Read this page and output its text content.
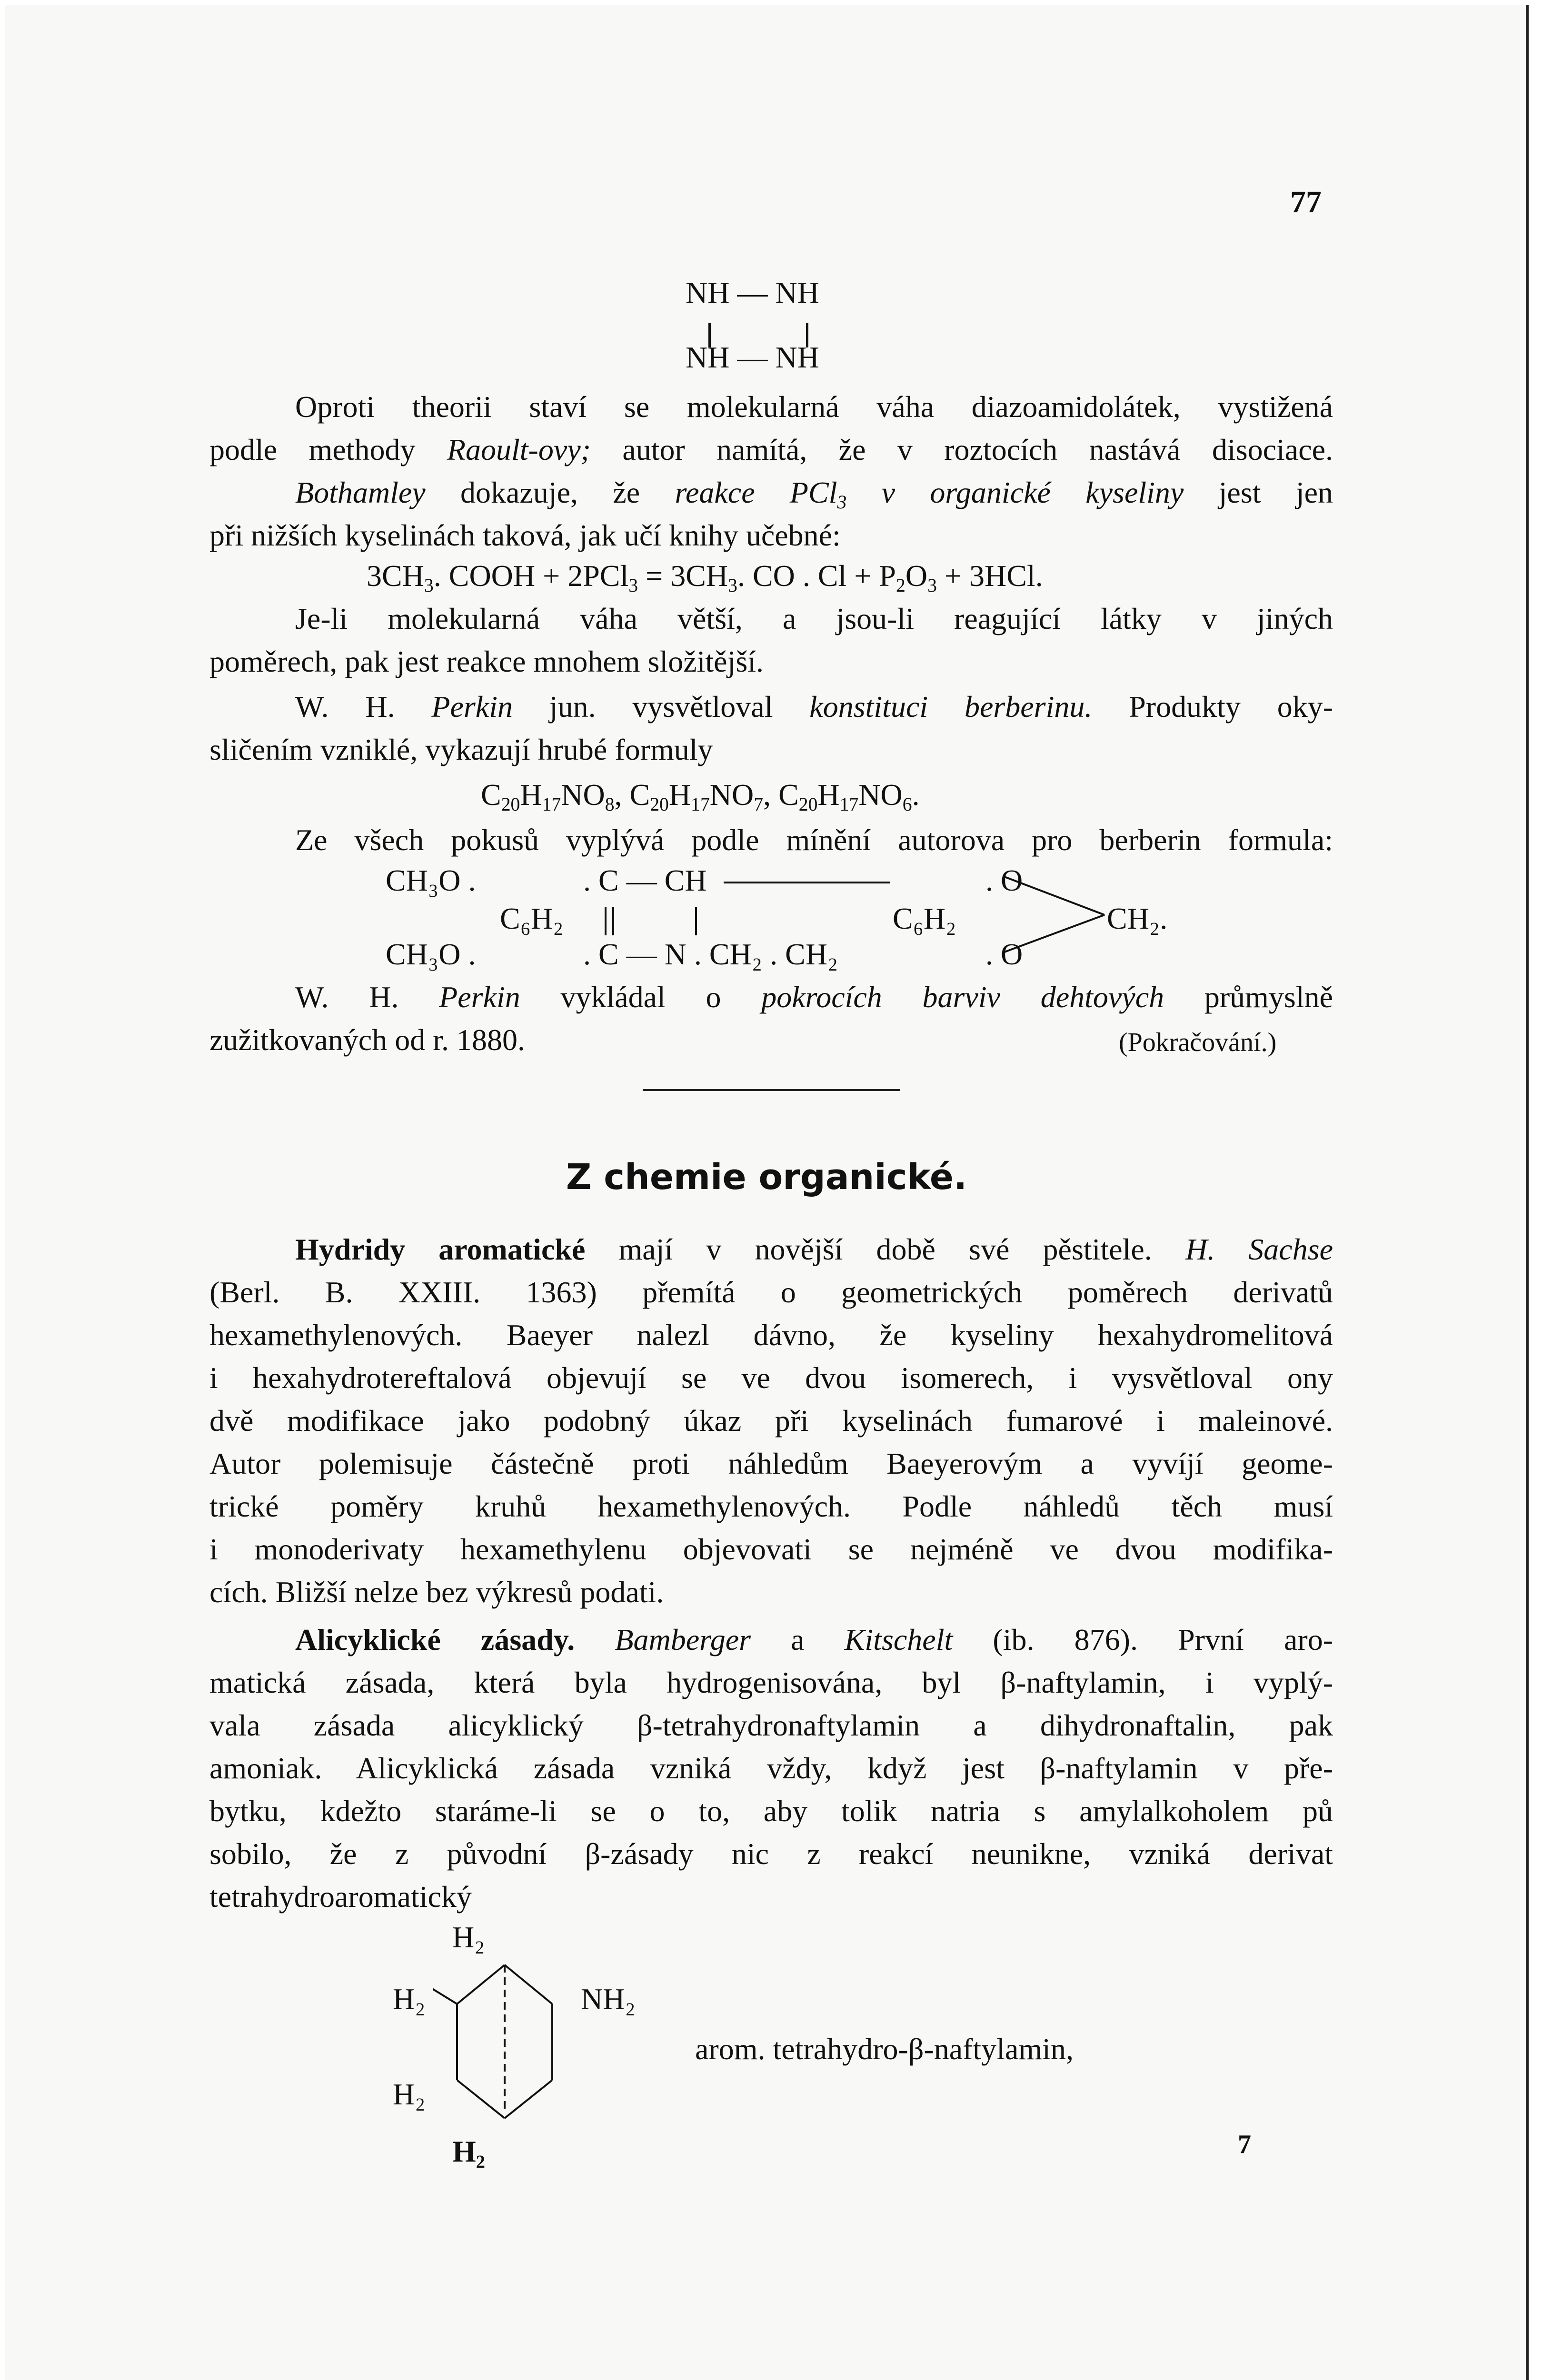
77
NH — NH
NH — NH
Oproti theorii staví se molekularná váha diazoamidolátek, vystižená
podle methody Raoult-ovy; autor namítá, že v roztocích nastává disociace.
Bothamley dokazuje, že reakce PCl$_3$ v organické kyseliny jest jen
při nižších kyselinách taková, jak učí knihy učebné:
$3CH_3$. COOH + $2PCl_3 = 3CH_3$. CO . $Cl + P_2O_3 + 3HCl$.
Je-li molekularná váha větší, a jsou-li reagující látky v jiných
poměrech, pak jest reakce mnohem složitější.
W. H. Perkin jun. vysvětloval konstituci berberinu. Produkty oky-
sličením vzniklé, vykazují hrubé formuly
$C_{20}H_{17}NO_8$, $C_{20}H_{17}NO_7$, $C_{20}H_{17}NO_6$.
Ze všech pokusů vyplývá podle mínění autorova pro berberin formula:
CH₃O .	. C — CH	. O
C₆H₂	C₆H₂	CH₂.
CH₃O .	. C — N . CH₂ . CH₂	. O
W. H. Perkin vykládal o pokrocích barviv dehtových průmyslně
zužitkovaných od r. 1880.	(Pokračování.)
Z chemie organické.
Hydridy aromatické mají v novější době své pěstitele. H. Sachse
(Berl. B. XXIII. 1363) přemítá o geometrických poměrech derivatů
hexamethylenových. Baeyer nalezl dávno, že kyseliny hexahydromelitová
i hexahydrotereftalová objevují se ve dvou isomerech, i vysvětloval ony
dvě modifikace jako podobný úkaz při kyselinách fumarové i maleinové.
Autor polemisuje částečně proti náhledům Baeyerovým a vyvíjí geome-
trické poměry kruhů hexamethylenových. Podle náhledů těch musí
i monoderivaty hexamethylenu objevovati se nejméně ve dvou modifika-
cích. Bližší nelze bez výkresů podati.
Alicyklické zásady. Bamberger a Kitschelt (ib. 876). První aro-
matická zásada, která byla hydrogenisována, byl β-naftylamin, i vyplý-
vala zásada alicyklický β-tetrahydronaftylamin a dihydronaftalin, pak
amoniak. Alicyklická zásada vzniká vždy, když jest β-naftylamin v pře-
bytku, kdežto staráme-li se o to, aby tolik natria s amylalkoholem pů
sobilo, že z původní β-zásady nic z reakcí neunikne, vzniká derivat
tetrahydroaromatický
H₂
H₂	NH₂
H₂
H₂
arom. tetrahydro-β-naftylamin,
7
